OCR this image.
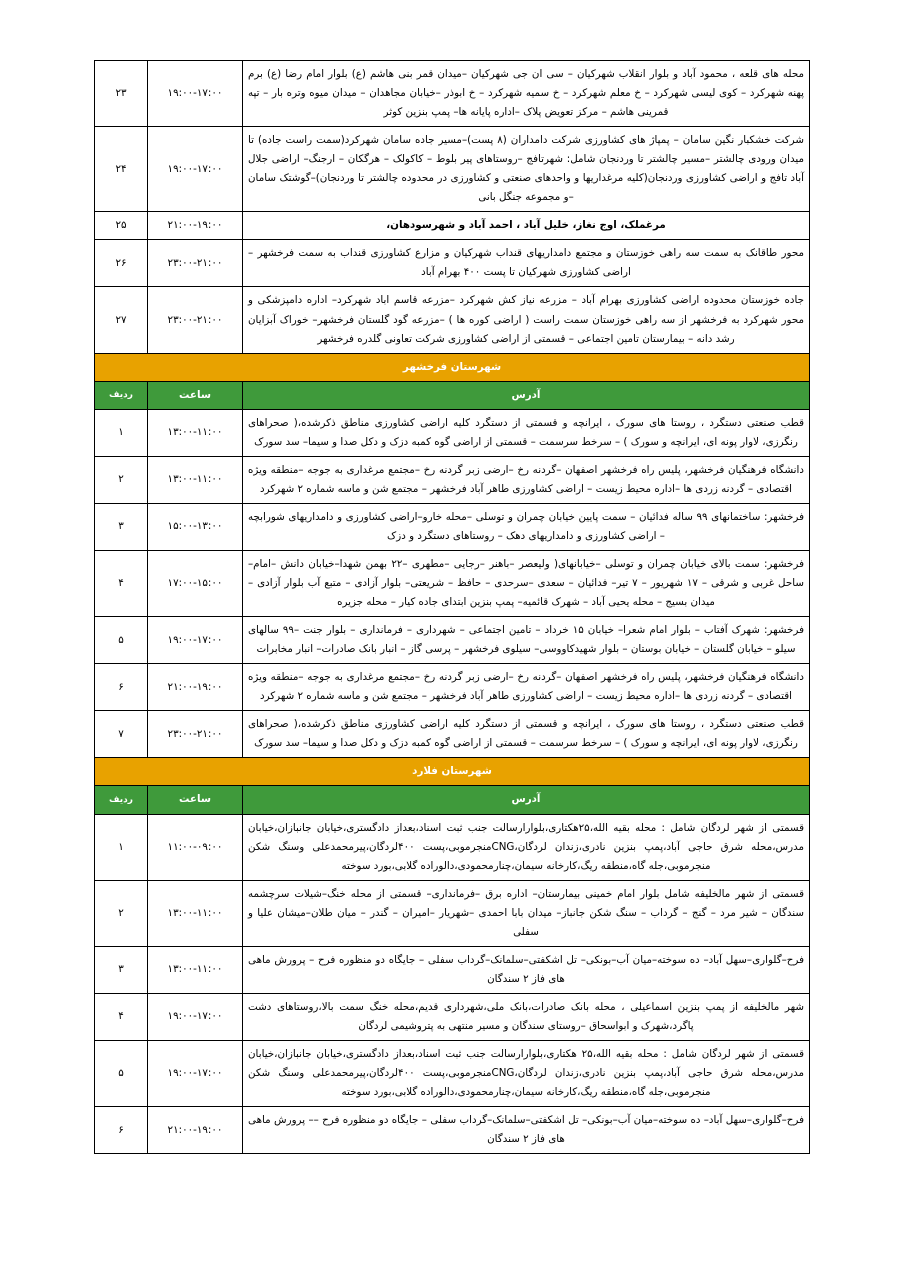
محله های قلعه ، محمود آباد و بلوار انقلاب شهرکیان – سی ان جی شهرکیان –میدان قمر بنی هاشم (ع) بلوار امام رضا (ع) برم پهنه شهرکرد – کوی لیسی شهرکرد – خ معلم شهرکرد – خ سمیه شهرکرد – خ ابوذر –خیابان مجاهدان – میدان میوه وتره بار – تپه قمرینی هاشم – مرکز تعویض پلاک –اداره پایانه ها– پمپ بنزین کوثر	۱۹:۰۰-۱۷:۰۰	۲۳
شرکت خشکبار نگین سامان – پمپاژ های کشاورزی شرکت دامداران (۸ پست)–مسیر جاده سامان شهرکرد(سمت راست جاده) تا میدان ورودی چالشتر –مسیر چالشتر تا وردنجان شامل: شهرتافج –روستاهای پیر بلوط – کاکولک – هرگکان – ارجنگ– اراضی جلال آباد تافج و اراضی کشاورزی وردنجان(کلیه مرغداریها و واحدهای صنعتی و کشاورزی در محدوده چالشتر تا وردنجان)–گوشتک سامان –و مجموعه جنگل بانی	۱۹:۰۰-۱۷:۰۰	۲۴
مرغملک، اوج نغاز، خلیل آباد ، احمد آباد و شهرسودهان،	۲۱:۰۰-۱۹:۰۰	۲۵
محور طاقانک به سمت سه راهی خوزستان و مجتمع دامداریهای قنداب شهرکیان و مزارع کشاورزی قنداب به سمت فرخشهر – اراضی کشاورزی شهرکیان تا پست ۴۰۰ بهرام آباد	۲۳:۰۰-۲۱:۰۰	۲۶
جاده خوزستان محدوده اراضی کشاورزی بهرام آباد – مزرعه نیاز کش شهرکرد –مزرعه قاسم اباد شهرکرد– اداره دامپزشکی و محور شهرکرد به فرخشهر از سه راهی خوزستان سمت راست ( اراضی کوره ها ) –مزرعه گود گلستان فرخشهر– خوراک آبزایان رشد دانه – بیمارستان تامین اجتماعی – قسمتی از اراضی کشاورزی شرکت تعاونی گلدره فرخشهر	۲۳:۰۰-۲۱:۰۰	۲۷
شهرستان فرخشهر		
آدرس	ساعت	ردیف
قطب صنعتی دستگرد ، روستا های سورک ، ایرانچه و قسمتی از دستگرد کلیه اراضی کشاورزی مناطق ذکرشده،( صحراهای رنگرزی، لاوار پونه ای، ایرانچه و سورک ) – سرخط سرسمت – قسمتی از اراضی گوه کمبه دزک و دکل صدا و سیما– سد سورک	۱۳:۰۰-۱۱:۰۰	۱
دانشگاه فرهنگیان فرخشهر، پلیس راه فرخشهر اصفهان –گردنه رخ –ارضی زبر گردنه رخ –مجتمع مرغداری به جوجه –منطقه ویژه اقتصادی – گردنه زردی ها –اداره محیط زیست – اراضی کشاورزی طاهر آباد فرخشهر – مجتمع شن و ماسه شماره ۲ شهرکرد	۱۳:۰۰-۱۱:۰۰	۲
فرخشهر: ساختمانهای ۹۹ ساله فدائیان – سمت پایین خیابان چمران و توسلی –محله خارو–اراضی کشاورزی و دامداریهای شورابچه – اراضی کشاورزی و دامداریهای دهک – روستاهای دستگرد و دزک	۱۵:۰۰-۱۳:۰۰	۳
فرخشهر: سمت بالای خیابان چمران و توسلی –خیابانهای( ولیعصر –باهنر –رجایی –مطهری –۲۲ بهمن شهدا–خیابان دانش –امام– ساحل غربی و شرقی – ۱۷ شهریور – ۷ تیر– فدائیان – سعدی –سرحدی – حافظ – شریعتی– بلوار آزادی – متبع آب بلوار آزادی – میدان بسیج – محله یحیی آباد – شهرک قائمیه– پمپ بنزین ابتدای جاده کیار – محله جزیره	۱۷:۰۰-۱۵:۰۰	۴
فرخشهر: شهرک آفتاب – بلوار امام شعرا– خیابان ۱۵ خرداد – تامین اجتماعی – شهرداری – فرمانداری – بلوار جنت –۹۹ سالهای سیلو – خیابان گلستان – خیابان بوستان – بلوار شهیدکاووسی– سیلوی فرخشهر – پرسی گاز – انبار بانک صادرات– انبار مخابرات	۱۹:۰۰-۱۷:۰۰	۵
دانشگاه فرهنگیان فرخشهر، پلیس راه فرخشهر اصفهان –گردنه رخ –ارضی زبر گردنه رخ –مجتمع مرغداری به جوجه –منطقه ویژه اقتصادی – گردنه زردی ها –اداره محیط زیست – اراضی کشاورزی طاهر آباد فرخشهر – مجتمع شن و ماسه شماره ۲ شهرکرد	۲۱:۰۰-۱۹:۰۰	۶
قطب صنعتی دستگرد ، روستا های سورک ، ایرانچه و قسمتی از دستگرد کلیه اراضی کشاورزی مناطق ذکرشده،( صحراهای رنگرزی، لاوار پونه ای، ایرانچه و سورک ) – سرخط سرسمت – قسمتی از اراضی گوه کمبه دزک و دکل صدا و سیما– سد سورک	۲۳:۰۰-۲۱:۰۰	۷
شهرستان فلارد		
آدرس	ساعت	ردیف
قسمتی از شهر لردگان شامل : محله بقیه الله،۲۵هکتاری،بلوارارسالت جنب ثبت اسناد،بعداز دادگستری،خیابان جانبازان،خیابان مدرس،محله شرق حاجی آباد،پمپ بنزین نادری،زندان لردگان،CNGمنجرموبی،پست ۴۰۰لردگان،پیرمحمدعلی وسنگ شکن منجرموبی،جله گاه،منطقه ریگ،کارخانه سیمان،چنارمحمودی،دالوراده گلابی،بورد سوخته	۱۱:۰۰-۰۹:۰۰	۱
قسمتی از شهر مالخلیفه شامل بلوار امام خمینی بیمارستان– اداره برق –فرمانداری– قسمتی از محله خنگ–شیلات سرچشمه سندگان – شیر مرد – گنج – گرداب – سنگ شکن جانباز– میدان بابا احمدی –شهریار –امیران – گندر – میان طلان–میشان علیا و سفلی	۱۳:۰۰-۱۱:۰۰	۲
فرح–گلواری–سهل آباد– ده سوخته–میان آب–بونکی– تل اشکفتی–سلمانک–گرداب سفلی – جایگاه دو منظوره فرح – پرورش ماهی های فاز ۲ سندگان	۱۳:۰۰-۱۱:۰۰	۳
شهر مالخلیفه از پمپ بنزین اسماعیلی ، محله بانک صادرات،بانک ملی،شهرداری قدیم،محله خنگ سمت بالا،روستاهای دشت پاگرد،شهرک و ابواسحاق –روستای سندگان و مسیر منتهی به پتروشیمی لردگان	۱۹:۰۰-۱۷:۰۰	۴
قسمتی از شهر لردگان شامل : محله بقیه الله،۲۵ هکتاری،بلوارارسالت جنب ثبت اسناد،بعداز دادگستری،خیابان جانبازان،خیابان مدرس،محله شرق حاجی آباد،پمپ بنزین نادری،زندان لردگان،CNGمنجرموبی،پست ۴۰۰لردگان،پیرمحمدعلی وسنگ شکن منجرموبی،جله گاه،منطقه ریگ،کارخانه سیمان،چنارمحمودی،دالوراده گلابی،بورد سوخته	۱۹:۰۰-۱۷:۰۰	۵
فرح–گلواری–سهل آباد– ده سوخته–میان آب–بونکی– تل اشکفتی–سلمانک–گرداب سفلی – جایگاه دو منظوره فرح –– پرورش ماهی های فاز ۲ سندگان	۲۱:۰۰-۱۹:۰۰	۶
